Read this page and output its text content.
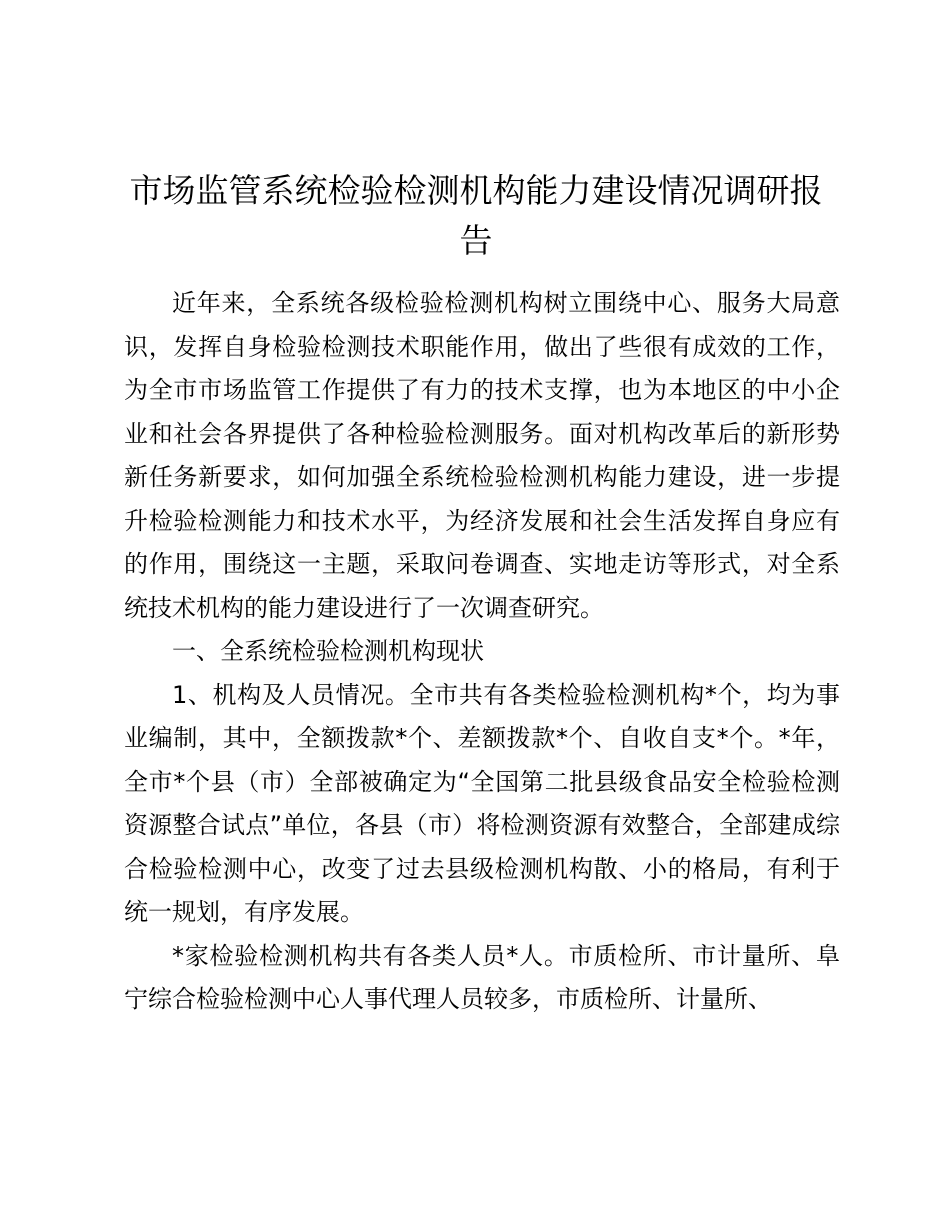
市场监管系统检验检测机构能力建设情况调研报告

近年来，全系统各级检验检测机构树立围绕中心、服务大局意识，发挥自身检验检测技术职能作用，做出了些很有成效的工作，为全市市场监管工作提供了有力的技术支撑，也为本地区的中小企业和社会各界提供了各种检验检测服务。面对机构改革后的新形势新任务新要求，如何加强全系统检验检测机构能力建设，进一步提升检验检测能力和技术水平，为经济发展和社会生活发挥自身应有的作用，围绕这一主题，采取问卷调查、实地走访等形式，对全系统技术机构的能力建设进行了一次调查研究。

一、全系统检验检测机构现状

1、机构及人员情况。全市共有各类检验检测机构*个，均为事业编制，其中，全额拨款*个、差额拨款*个、自收自支*个。*年，全市*个县（市）全部被确定为“全国第二批县级食品安全检验检测资源整合试点”单位，各县（市）将检测资源有效整合，全部建成综合检验检测中心，改变了过去县级检测机构散、小的格局，有利于统一规划，有序发展。

*家检验检测机构共有各类人员*人。市质检所、市计量所、阜宁综合检验检测中心人事代理人员较多，市质检所、计量所、
